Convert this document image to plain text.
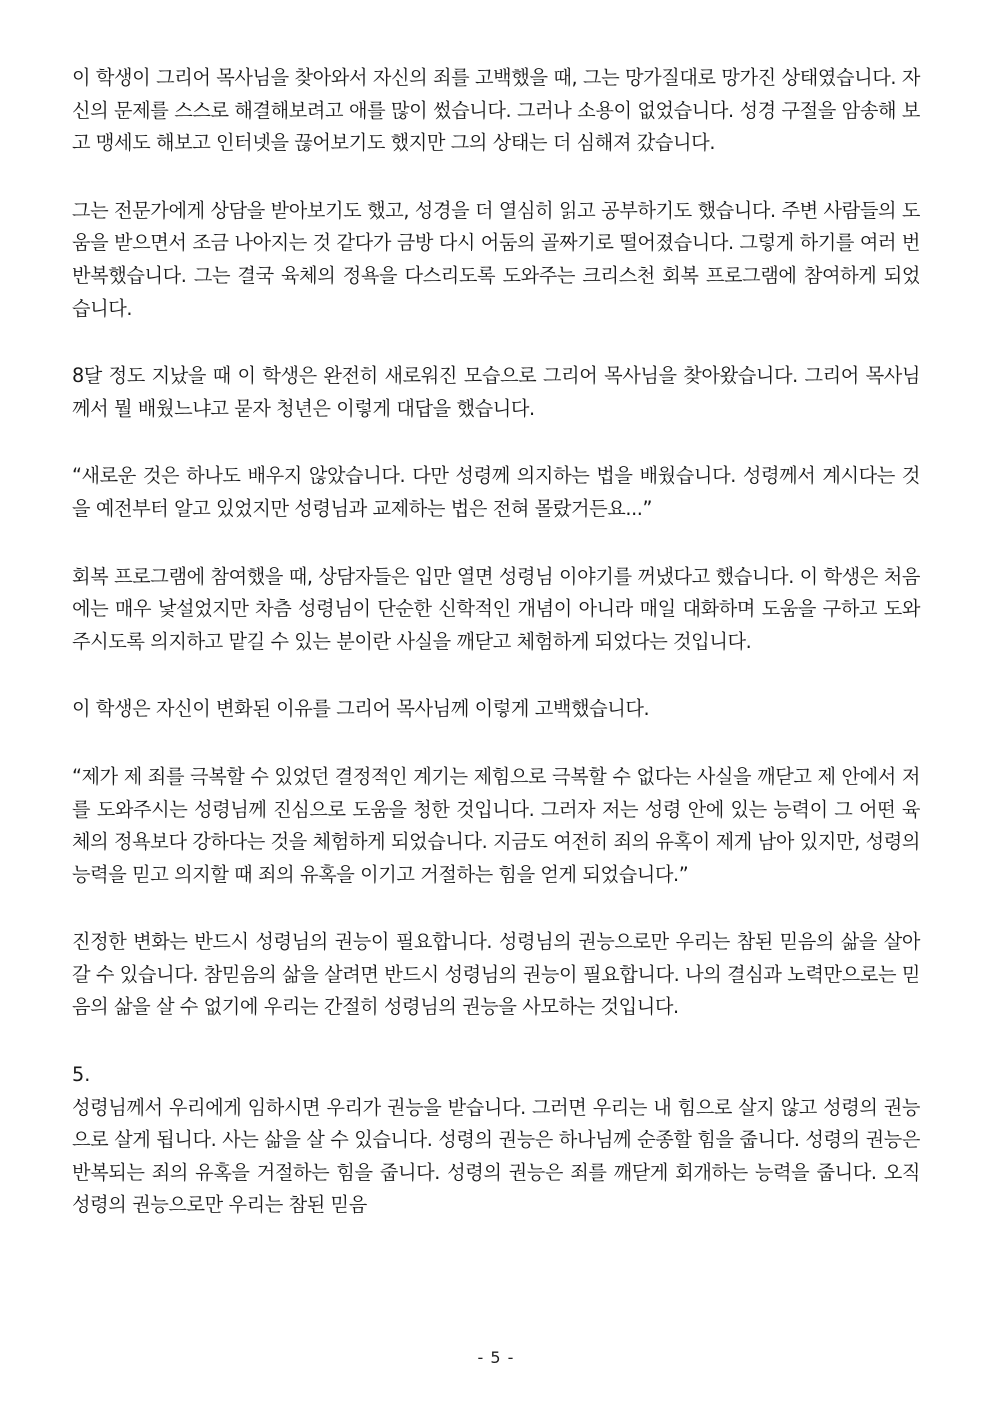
이 학생이 그리어 목사님을 찾아와서 자신의 죄를 고백했을 때, 그는 망가질대로 망가진 상태였습니다. 자신의 문제를 스스로 해결해보려고 애를 많이 썼습니다. 그러나 소용이 없었습니다. 성경 구절을 암송해 보고 맹세도 해보고 인터넷을 끊어보기도 했지만 그의 상태는 더 심해져 갔습니다.

그는 전문가에게 상담을 받아보기도 했고, 성경을 더 열심히 읽고 공부하기도 했습니다. 주변 사람들의 도움을 받으면서 조금 나아지는 것 같다가 금방 다시 어둠의 골짜기로 떨어졌습니다. 그렇게 하기를 여러 번 반복했습니다. 그는 결국 육체의 정욕을 다스리도록 도와주는 크리스천 회복 프로그램에 참여하게 되었습니다.

8달 정도 지났을 때 이 학생은 완전히 새로워진 모습으로 그리어 목사님을 찾아왔습니다. 그리어 목사님께서 뭘 배웠느냐고 묻자 청년은 이렇게 대답을 했습니다.

“새로운 것은 하나도 배우지 않았습니다. 다만 성령께 의지하는 법을 배웠습니다. 성령께서 계시다는 것을 예전부터 알고 있었지만 성령님과 교제하는 법은 전혀 몰랐거든요...”

회복 프로그램에 참여했을 때, 상담자들은 입만 열면 성령님 이야기를 꺼냈다고 했습니다. 이 학생은 처음에는 매우 낯설었지만 차츰 성령님이 단순한 신학적인 개념이 아니라 매일 대화하며 도움을 구하고 도와주시도록 의지하고 맡길 수 있는 분이란 사실을 깨닫고 체험하게 되었다는 것입니다.

이 학생은 자신이 변화된 이유를 그리어 목사님께 이렇게 고백했습니다.

“제가 제 죄를 극복할 수 있었던 결정적인 계기는 제힘으로 극복할 수 없다는 사실을 깨닫고 제 안에서 저를 도와주시는 성령님께 진심으로 도움을 청한 것입니다. 그러자 저는 성령 안에 있는 능력이 그 어떤 육체의 정욕보다 강하다는 것을 체험하게 되었습니다. 지금도 여전히 죄의 유혹이 제게 남아 있지만, 성령의 능력을 믿고 의지할 때 죄의 유혹을 이기고 거절하는 힘을 얻게 되었습니다.”

진정한 변화는 반드시 성령님의 권능이 필요합니다. 성령님의 권능으로만 우리는 참된 믿음의 삶을 살아갈 수 있습니다. 참믿음의 삶을 살려면 반드시 성령님의 권능이 필요합니다. 나의 결심과 노력만으로는 믿음의 삶을 살 수 없기에 우리는 간절히 성령님의 권능을 사모하는 것입니다.

5.

성령님께서 우리에게 임하시면 우리가 권능을 받습니다. 그러면 우리는 내 힘으로 살지 않고 성령의 권능으로 살게 됩니다. 사는 삶을 살 수 있습니다. 성령의 권능은 하나님께 순종할 힘을 줍니다. 성령의 권능은 반복되는 죄의 유혹을 거절하는 힘을 줍니다. 성령의 권능은 죄를 깨닫게 회개하는 능력을 줍니다. 오직 성령의 권능으로만 우리는 참된 믿음

- 5 -
